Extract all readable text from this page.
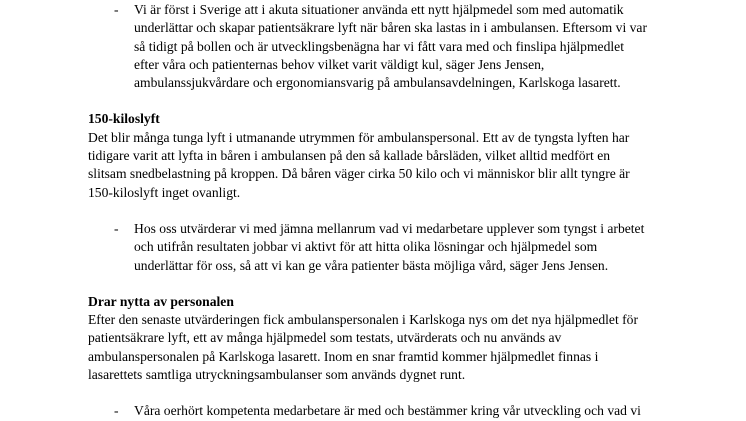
- Vi är först i Sverige att i akuta situationer använda ett nytt hjälpmedel som med automatik

underlättar och skapar patientsäkrare lyft när båren ska lastas in i ambulansen. Eftersom vi var

så tidigt på bollen och är utvecklingsbenägna har vi fått vara med och finslipa hjälpmedlet

efter våra och patienternas behov vilket varit väldigt kul, säger Jens Jensen,

ambulanssjukvårdare och ergonomiansvarig på ambulansavdelningen, Karlskoga lasarett.

150-kiloslyft

Det blir många tunga lyft i utmanande utrymmen för ambulanspersonal. Ett av de tyngsta lyften har

tidigare varit att lyfta in båren i ambulansen på den så kallade bårsläden, vilket alltid medfört en

slitsam snedbelastning på kroppen. Då båren väger cirka 50 kilo och vi människor blir allt tyngre är

150-kiloslyft inget ovanligt.

- Hos oss utvärderar vi med jämna mellanrum vad vi medarbetare upplever som tyngst i arbetet

och utifrån resultaten jobbar vi aktivt för att hitta olika lösningar och hjälpmedel som

underlättar för oss, så att vi kan ge våra patienter bästa möjliga vård, säger Jens Jensen.

Drar nytta av personalen

Efter den senaste utvärderingen fick ambulanspersonalen i Karlskoga nys om det nya hjälpmedlet för

patientsäkrare lyft, ett av många hjälpmedel som testats, utvärderats och nu används av

ambulanspersonalen på Karlskoga lasarett. Inom en snar framtid kommer hjälpmedlet finnas i

lasarettets samtliga utryckningsambulanser som används dygnet runt.

- Våra oerhört kompetenta medarbetare är med och bestämmer kring vår utveckling och vad vi
